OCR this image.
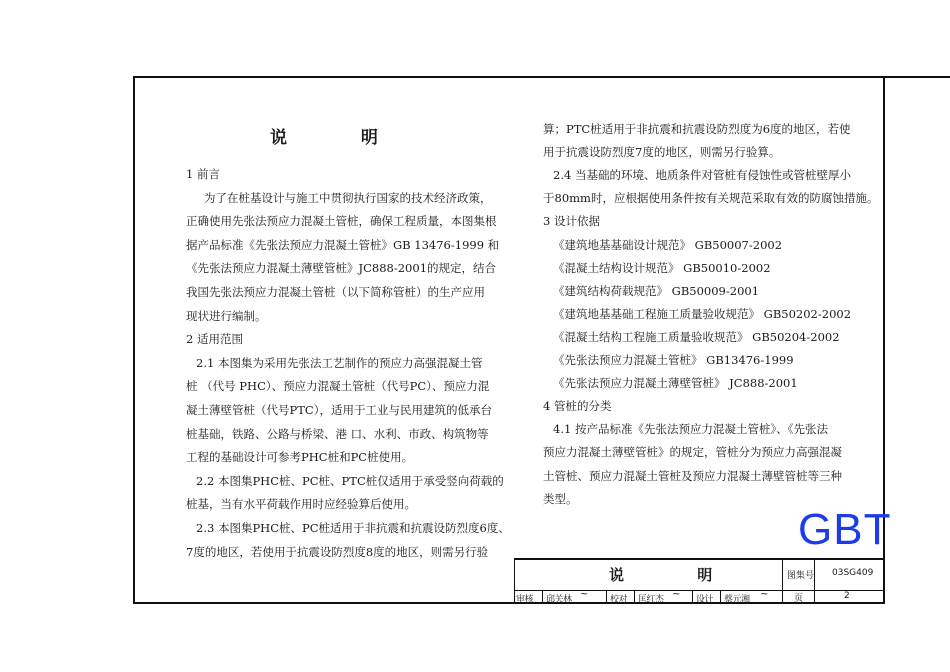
说 明
1 前言
为了在桩基设计与施工中贯彻执行国家的技术经济政策，
正确使用先张法预应力混凝土管桩，确保工程质量，本图集根
据产品标准《先张法预应力混凝土管桩》GB 13476-1999 和
《先张法预应力混凝土薄壁管桩》JC888-2001的规定，结合
我国先张法预应力混凝土管桩（以下简称管桩）的生产应用
现状进行编制。
2 适用范围
2.1 本图集为采用先张法工艺制作的预应力高强混凝土管
桩 （代号 PHC）、预应力混凝土管桩（代号PC）、预应力混
凝土薄壁管桩（代号PTC），适用于工业与民用建筑的低承台
桩基础，铁路、公路与桥梁、港 口、水利、市政、构筑物等
工程的基础设计可参考PHC桩和PC桩使用。
2.2 本图集PHC桩、PC桩、PTC桩仅适用于承受竖向荷载的
桩基，当有水平荷载作用时应经验算后使用。
2.3 本图集PHC桩、PC桩适用于非抗震和抗震设防烈度6度、
7度的地区，若使用于抗震设防烈度8度的地区，则需另行验
算；PTC桩适用于非抗震和抗震设防烈度为6度的地区，若使
用于抗震设防烈度7度的地区，则需另行验算。
2.4 当基础的环境、地质条件对管桩有侵蚀性或管桩壁厚小
于80mm时，应根据使用条件按有关规范采取有效的防腐蚀措施。
3 设计依据
《建筑地基基础设计规范》 GB50007-2002
《混凝土结构设计规范》 GB50010-2002
《建筑结构荷载规范》 GB50009-2001
《建筑地基基础工程施工质量验收规范》 GB50202-2002
《混凝土结构工程施工质量验收规范》 GB50204-2002
《先张法预应力混凝土管桩》 GB13476-1999
《先张法预应力混凝土薄壁管桩》 JC888-2001
4 管桩的分类
4.1 按产品标准《先张法预应力混凝土管桩》、《先张法
预应力混凝土薄壁管桩》的规定，管桩分为预应力高强混凝
土管桩、预应力混凝土管桩及预应力混凝土薄壁管桩等三种
类型。
GBT
说 明	图集号 03SG409
页	2
审核 邱关林 ~ 校对 匡红杰 ~ 设计 蔡元湘 ~
